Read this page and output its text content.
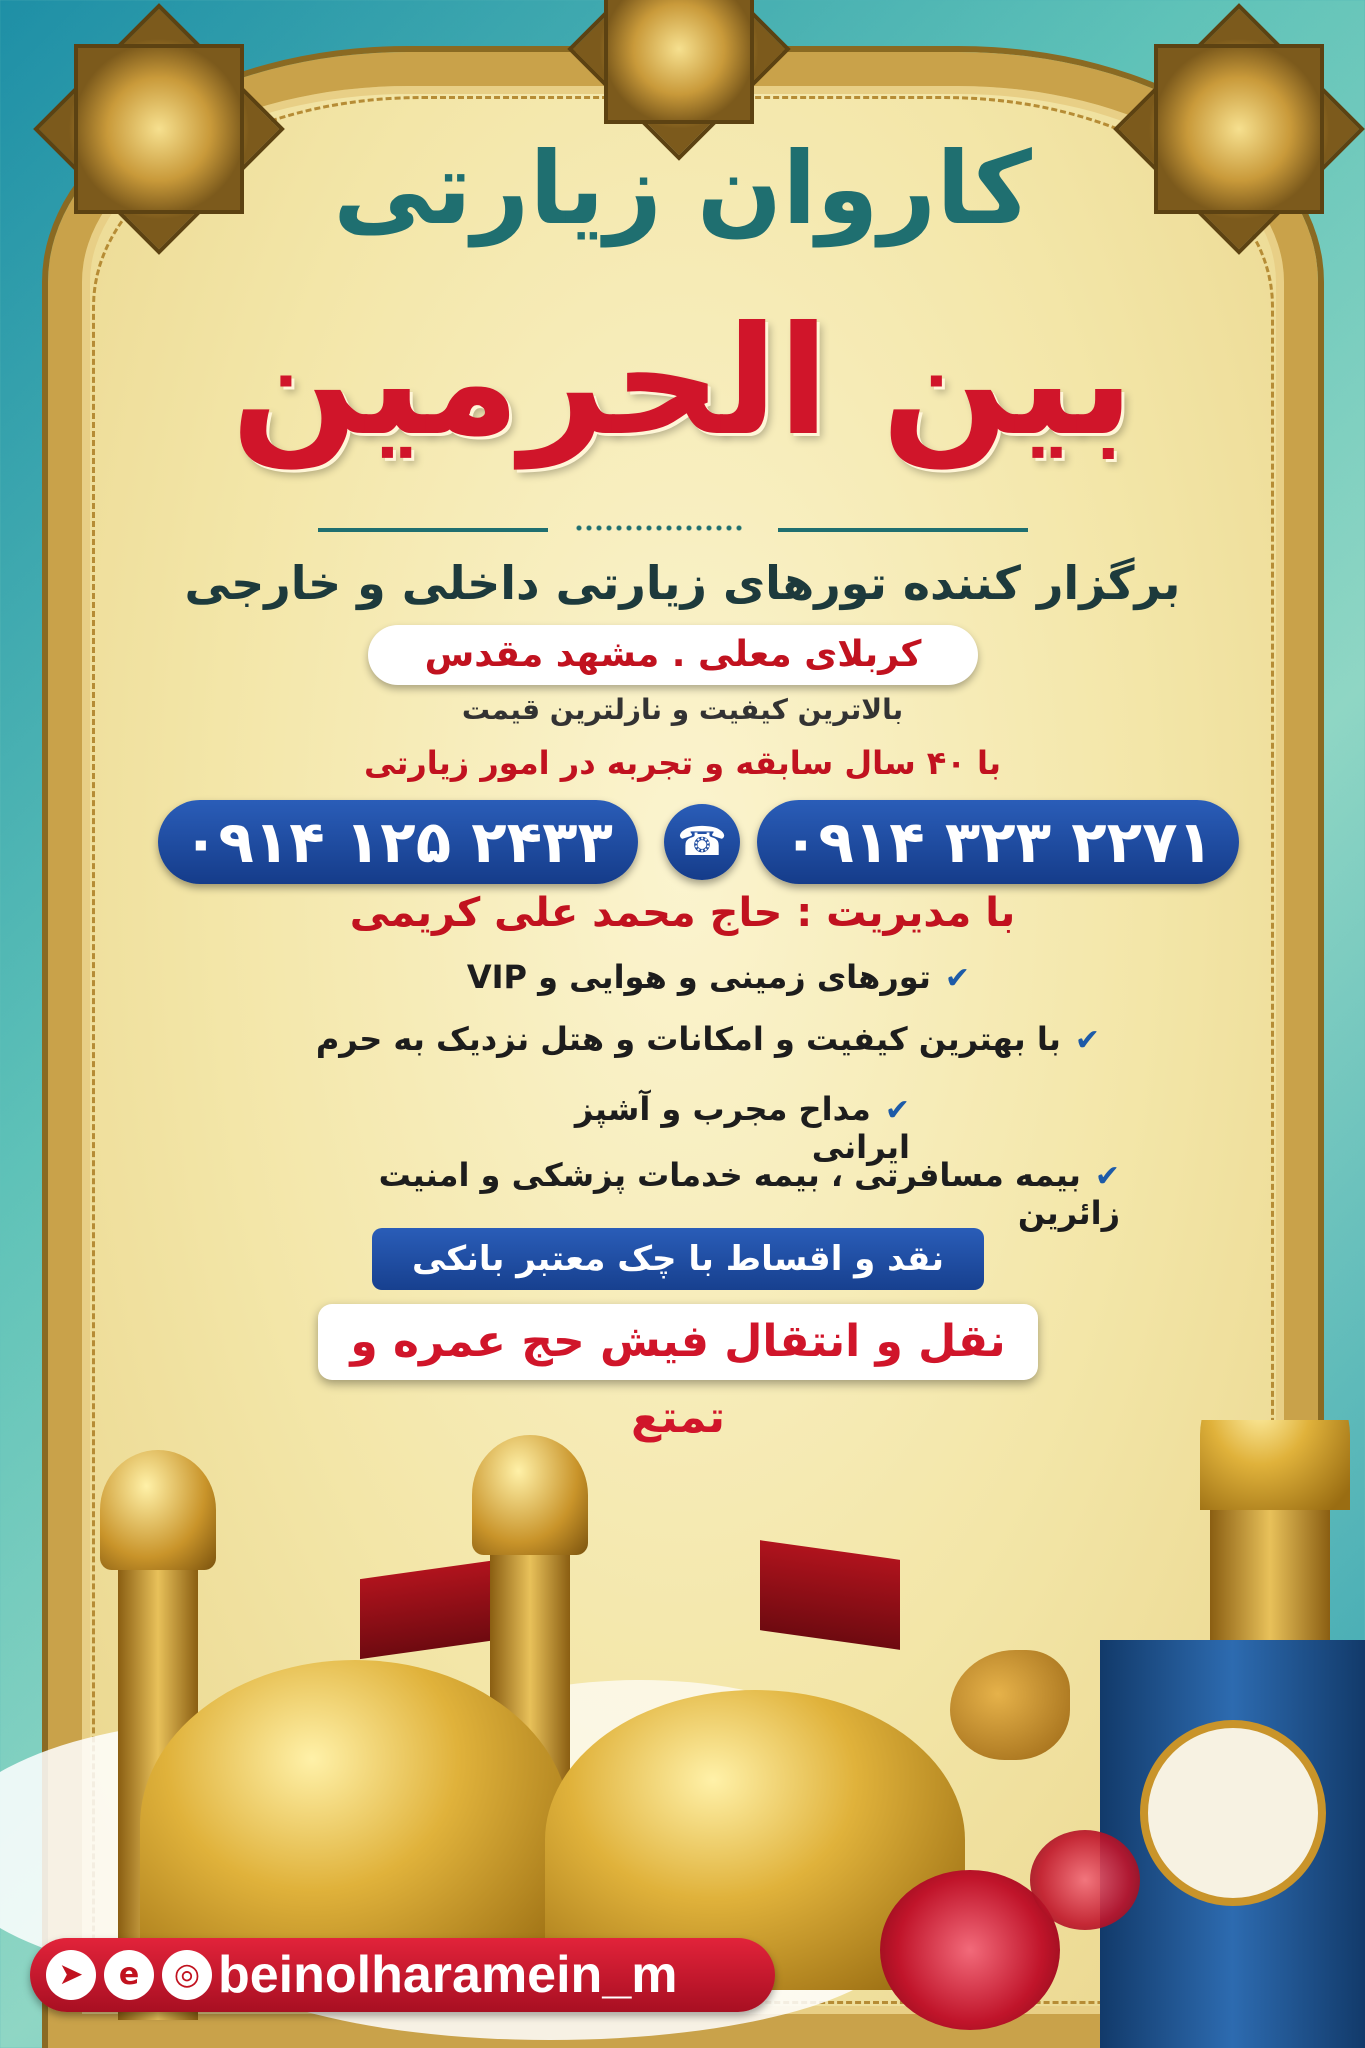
کاروان زیارتی
بین الحرمین
برگزار کننده تورهای زیارتی داخلی و خارجی
کربلای معلی . مشهد مقدس
بالاترین کیفیت و نازلترین قیمت
با ۴۰ سال سابقه و تجربه در امور زیارتی
۰۹۱۴ ۱۲۵ ۲۴۳۳	☎ ۰۹۱۴ ۳۲۳ ۲۲۷۱
با مدیریت : حاج محمد علی کریمی
✔تورهای زمینی و هوایی و VIP
✔با بهترین کیفیت و امکانات و هتل نزدیک به حرم
✔مداح مجرب و آشپز ایرانی
✔بیمه مسافرتی ، بیمه خدمات پزشکی و امنیت زائرین
نقد و اقساط با چک معتبر بانکی
نقل و انتقال فیش حج عمره و تمتع
➤	e	◎ beinolharamein_m
